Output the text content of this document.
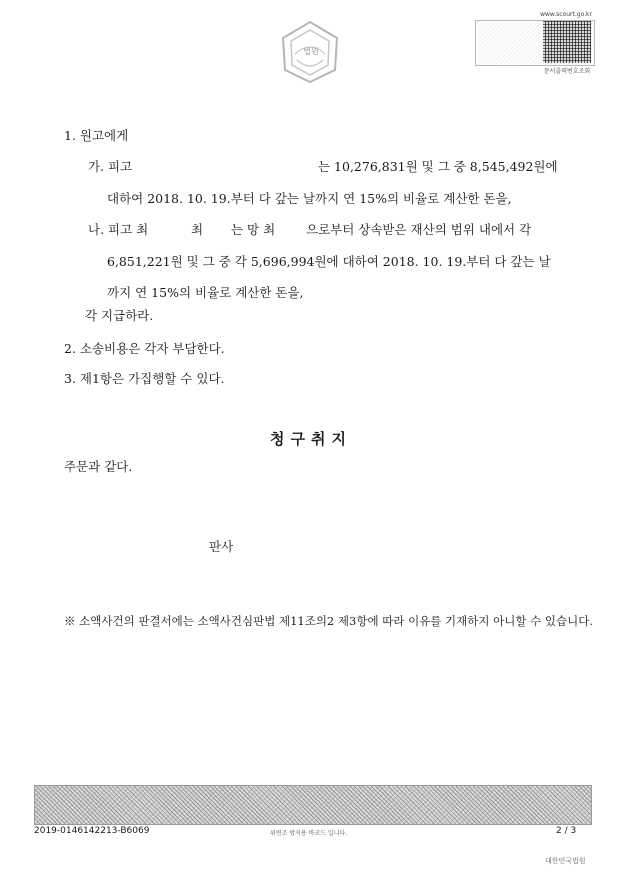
법원
www.scourt.go.kr
문서출력번호조회
1. 원고에게
가. 피고	는 10,276,831원 및 그 중 8,545,492원에
대하여 2018. 10. 19.부터 다 갚는 날까지 연 15%의 비율로 계산한 돈을,
나. 피고 최	최 는 망 최 으로부터 상속받은 재산의 범위 내에서 각
6,851,221원 및 그 중 각 5,696,994원에 대하여 2018. 10. 19.부터 다 갚는 날
까지 연 15%의 비율로 계산한 돈을,
각 지급하라.
2. 소송비용은 각자 부담한다.
3. 제1항은 가집행할 수 있다.
청구취지
주문과 같다.
판사
※ 소액사건의 판결서에는 소액사건심판법 제11조의2 제3항에 따라 이유를 기재하지 아니할 수 있습니다.
2019-0146142213-B6069	위변조 방지용 바코드 입니다.	2 / 3
대한민국법원
